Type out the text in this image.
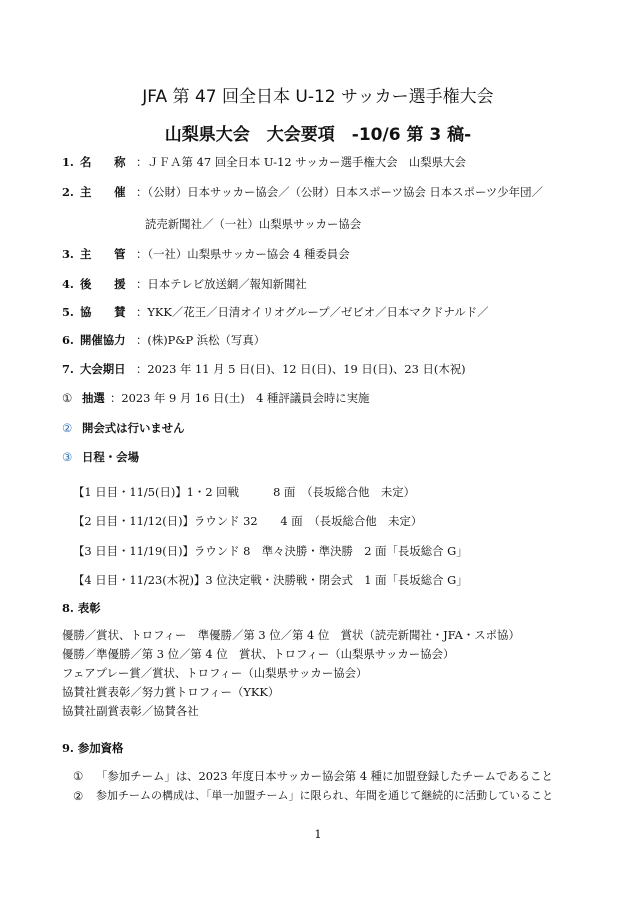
JFA 第 47 回全日本 U-12 サッカー選手権大会
山梨県大会　大会要項　-10/6 第 3 稿-
1. 名　　称 ：ＪＦＡ第 47 回全日本 U-12 サッカー選手権大会　山梨県大会
2. 主　　催 ：（公財）日本サッカー協会／（公財）日本スポーツ協会 日本スポーツ少年団／
読売新聞社／（一社）山梨県サッカー協会
3. 主　　管 ：（一社）山梨県サッカー協会 4 種委員会
4. 後　　援 ：日本テレビ放送網／報知新聞社
5. 協　　賛 ：YKK／花王／日清オイリオグループ／ゼビオ／日本マクドナルド／
6. 開催協力 ：(株)P&P 浜松（写真）
7. 大会期日 ：2023 年 11 月 5 日(日)、12 日(日)、19 日(日)、23 日(木祝)
① 抽選 ：2023 年 9 月 16 日(土)　4 種評議員会時に実施
② 開会式は行いません
③ 日程・会場
【1 日目・11/5(日)】1・2 回戦　　　8 面　（長坂総合他　未定）
【2 日目・11/12(日)】ラウンド 32　　4 面　（長坂総合他　未定）
【3 日目・11/19(日)】ラウンド 8　準々決勝・準決勝　2 面「長坂総合 G」
【4 日目・11/23(木祝)】3 位決定戦・決勝戦・閉会式　1 面「長坂総合 G」
8. 表彰
優勝／賞状、トロフィー　準優勝／第 3 位／第 4 位　賞状（読売新聞社・JFA・スポ協）
優勝／準優勝／第 3 位／第 4 位　賞状、トロフィー（山梨県サッカー協会）
フェアプレー賞／賞状、トロフィー（山梨県サッカー協会）
協賛社賞表彰／努力賞トロフィー（YKK）
協賛社副賞表彰／協賛各社
9. 参加資格
① 「参加チーム」は、2023 年度日本サッカー協会第 4 種に加盟登録したチームであること
② 参加チームの構成は、「単一加盟チーム」に限られ、年間を通じて継続的に活動していること
1
